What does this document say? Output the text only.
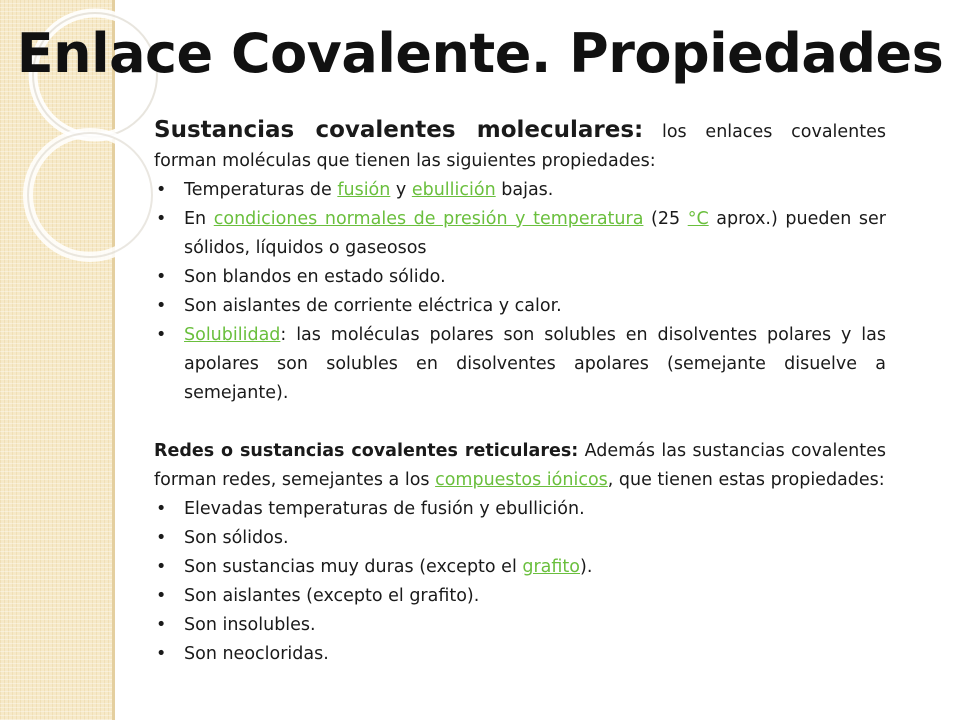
Enlace Covalente. Propiedades

Sustancias covalentes moleculares: los enlaces covalentes forman moléculas que tienen las siguientes propiedades:

• Temperaturas de fusión y ebullición bajas.
• En condiciones normales de presión y temperatura (25 °C aprox.) pueden ser sólidos, líquidos o gaseosos
• Son blandos en estado sólido.
• Son aislantes de corriente eléctrica y calor.
• Solubilidad: las moléculas polares son solubles en disolventes polares y las apolares son solubles en disolventes apolares (semejante disuelve a semejante).

Redes o sustancias covalentes reticulares: Además las sustancias covalentes forman redes, semejantes a los compuestos iónicos, que tienen estas propiedades:

• Elevadas temperaturas de fusión y ebullición.
• Son sólidos.
• Son sustancias muy duras (excepto el grafito).
• Son aislantes (excepto el grafito).
• Son insolubles.
• Son neocloridas.
